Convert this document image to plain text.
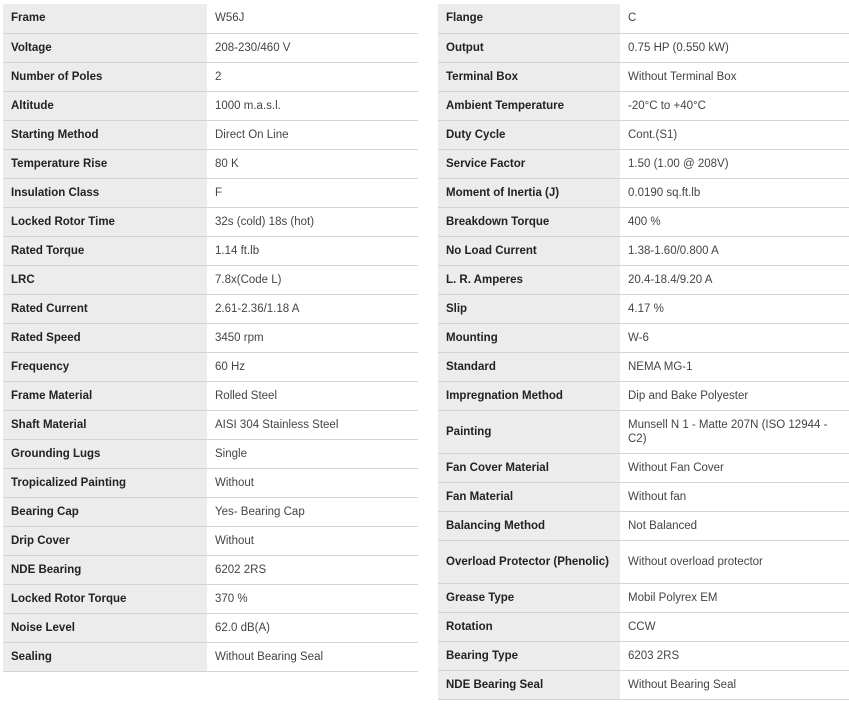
Frame	W56J
Voltage	208-230/460 V
Number of Poles	2
Altitude	1000 m.a.s.l.
Starting Method	Direct On Line
Temperature Rise	80 K
Insulation Class	F
Locked Rotor Time	32s (cold) 18s (hot)
Rated Torque	1.14 ft.lb
LRC	7.8x(Code L)
Rated Current	2.61-2.36/1.18 A
Rated Speed	3450 rpm
Frequency	60 Hz
Frame Material	Rolled Steel
Shaft Material	AISI 304 Stainless Steel
Grounding Lugs	Single
Tropicalized Painting	Without
Bearing Cap	Yes- Bearing Cap
Drip Cover	Without
NDE Bearing	6202 2RS
Locked Rotor Torque	370 %
Noise Level	62.0 dB(A)
Sealing	Without Bearing Seal
Flange	C
Output	0.75 HP (0.550 kW)
Terminal Box	Without Terminal Box
Ambient Temperature	-20°C to +40°C
Duty Cycle	Cont.(S1)
Service Factor	1.50 (1.00 @ 208V)
Moment of Inertia (J)	0.0190 sq.ft.lb
Breakdown Torque	400 %
No Load Current	1.38-1.60/0.800 A
L. R. Amperes	20.4-18.4/9.20 A
Slip	4.17 %
Mounting	W-6
Standard	NEMA MG-1
Impregnation Method	Dip and Bake Polyester
Painting	Munsell N 1 - Matte 207N (ISO 12944 - C2)
Fan Cover Material	Without Fan Cover
Fan Material	Without fan
Balancing Method	Not Balanced
Overload Protector (Phenolic)	Without overload protector
Grease Type	Mobil Polyrex EM
Rotation	CCW
Bearing Type	6203 2RS
NDE Bearing Seal	Without Bearing Seal
